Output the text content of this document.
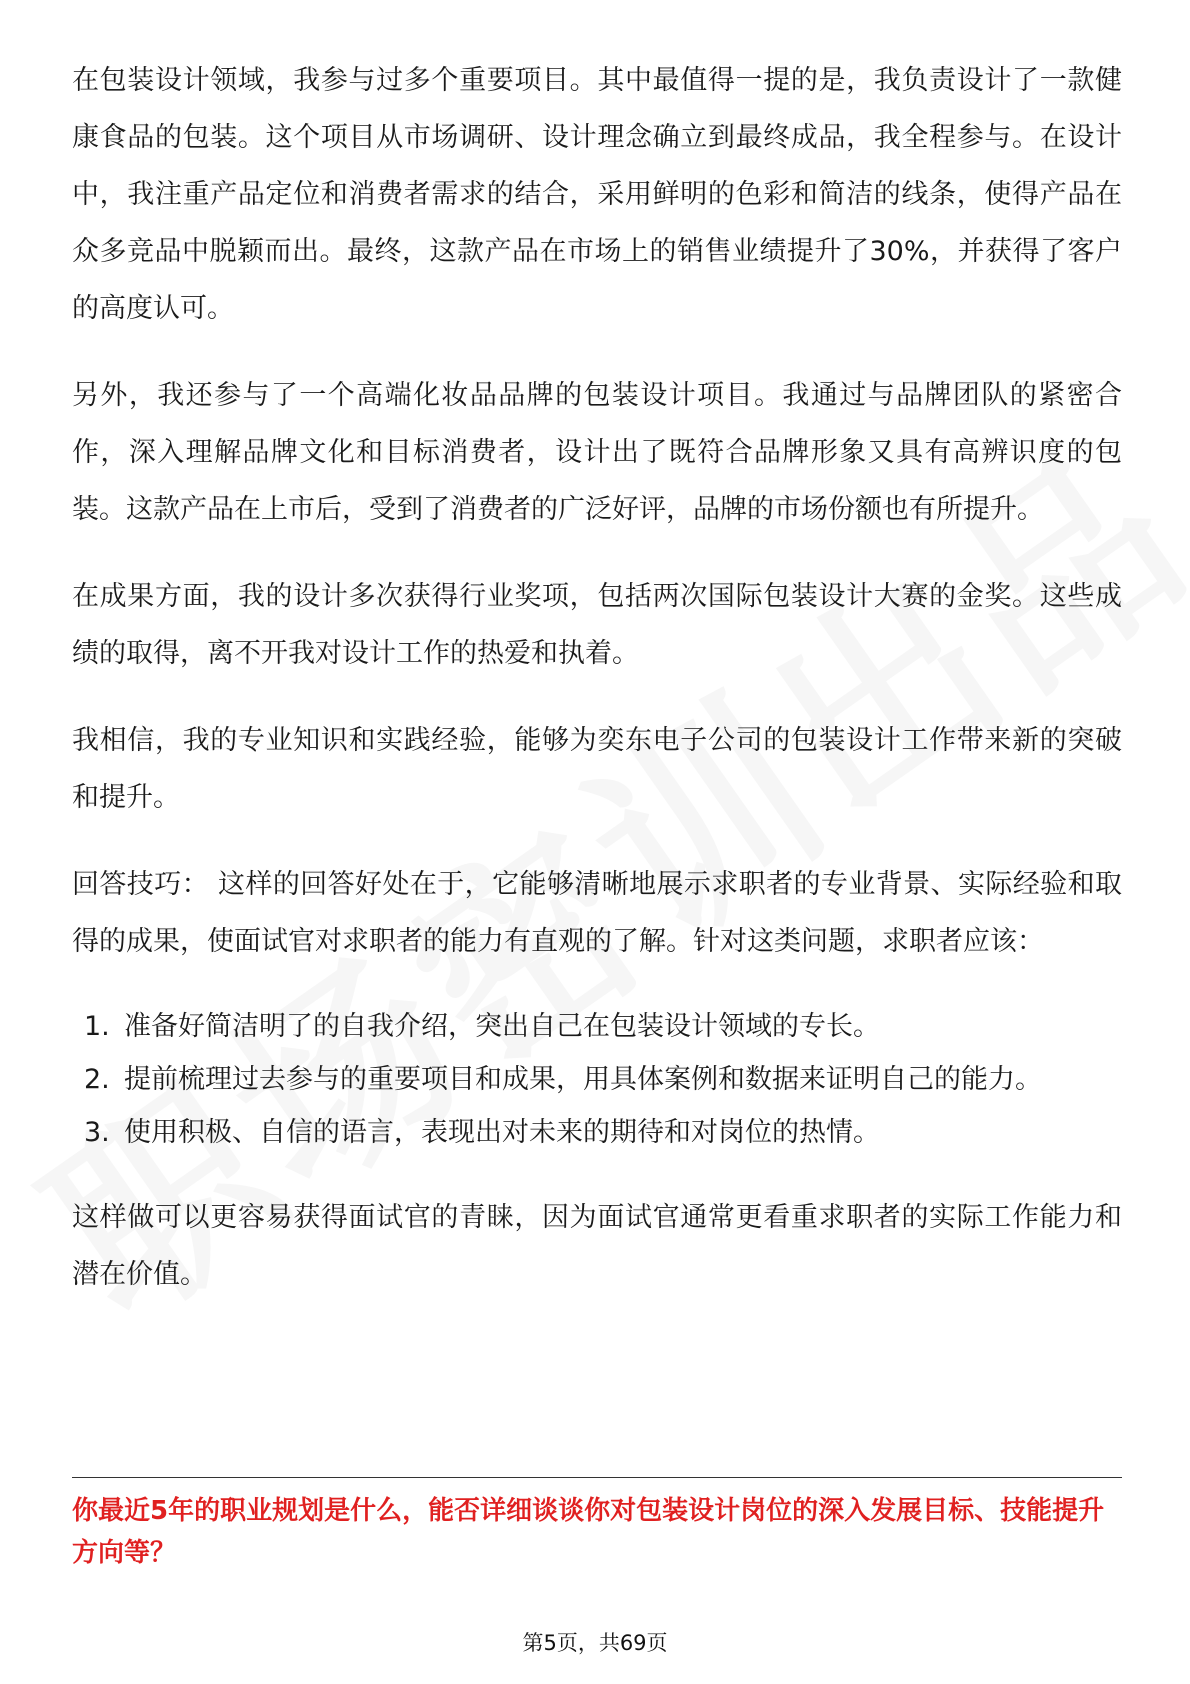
在包装设计领域，我参与过多个重要项目。其中最值得一提的是，我负责设计了一款健康食品的包装。这个项目从市场调研、设计理念确立到最终成品，我全程参与。在设计中，我注重产品定位和消费者需求的结合，采用鲜明的色彩和简洁的线条，使得产品在众多竞品中脱颖而出。最终，这款产品在市场上的销售业绩提升了30%，并获得了客户的高度认可。

另外，我还参与了一个高端化妆品品牌的包装设计项目。我通过与品牌团队的紧密合作，深入理解品牌文化和目标消费者，设计出了既符合品牌形象又具有高辨识度的包装。这款产品在上市后，受到了消费者的广泛好评，品牌的市场份额也有所提升。

在成果方面，我的设计多次获得行业奖项，包括两次国际包装设计大赛的金奖。这些成绩的取得，离不开我对设计工作的热爱和执着。

我相信，我的专业知识和实践经验，能够为奕东电子公司的包装设计工作带来新的突破和提升。

回答技巧： 这样的回答好处在于，它能够清晰地展示求职者的专业背景、实际经验和取得的成果，使面试官对求职者的能力有直观的了解。针对这类问题，求职者应该：

1. 准备好简洁明了的自我介绍，突出自己在包装设计领域的专长。
2. 提前梳理过去参与的重要项目和成果，用具体案例和数据来证明自己的能力。
3. 使用积极、自信的语言，表现出对未来的期待和对岗位的热情。

这样做可以更容易获得面试官的青睐，因为面试官通常更看重求职者的实际工作能力和潜在价值。

你最近5年的职业规划是什么，能否详细谈谈你对包装设计岗位的深入发展目标、技能提升方向等？
第5页，共69页
